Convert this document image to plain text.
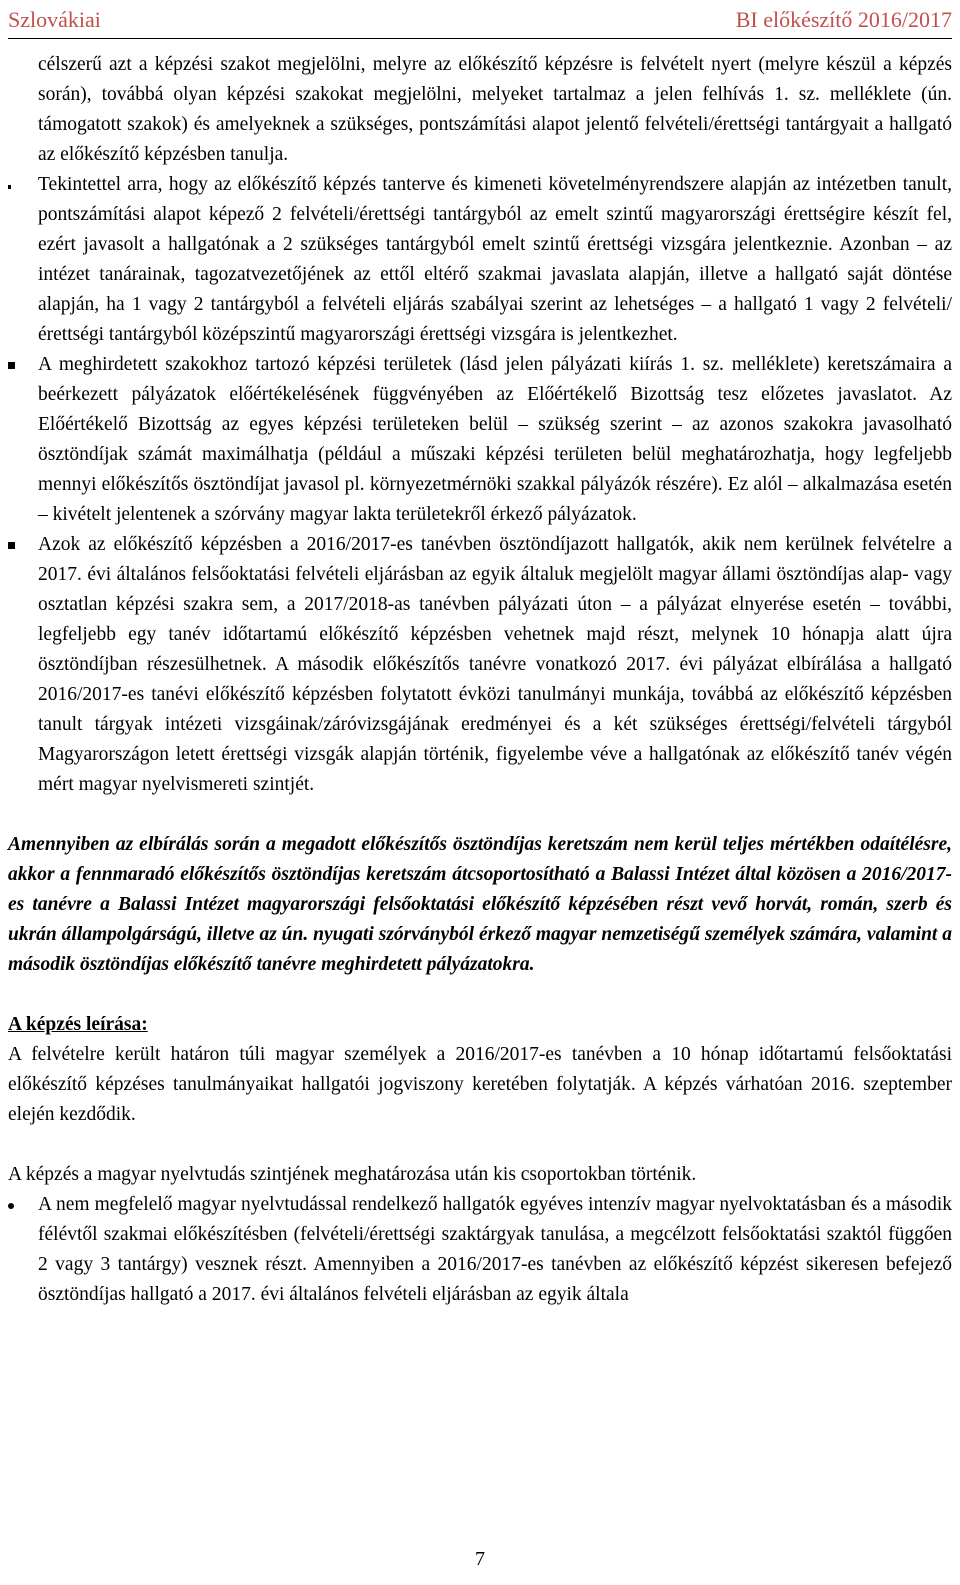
Szlovákiai	BI előkészítő 2016/2017

célszerű azt a képzési szakot megjelölni, melyre az előkészítő képzésre is felvételt nyert (melyre készül a képzés során), továbbá olyan képzési szakokat megjelölni, melyeket tartalmaz a jelen felhívás 1. sz. melléklete (ún. támogatott szakok) és amelyeknek a szükséges, pontszámítási alapot jelentő felvételi/érettségi tantárgyait a hallgató az előkészítő képzésben tanulja.

Tekintettel arra, hogy az előkészítő képzés tanterve és kimeneti követelményrendszere alapján az intézetben tanult, pontszámítási alapot képező 2 felvételi/érettségi tantárgyból az emelt szintű magyarországi érettségire készít fel, ezért javasolt a hallgatónak a 2 szükséges tantárgyból emelt szintű érettségi vizsgára jelentkeznie. Azonban – az intézet tanárainak, tagozatvezetőjének az ettől eltérő szakmai javaslata alapján, illetve a hallgató saját döntése alapján, ha 1 vagy 2 tantárgyból a felvételi eljárás szabályai szerint az lehetséges – a hallgató 1 vagy 2 felvételi/érettségi tantárgyból középszintű magyarországi érettségi vizsgára is jelentkezhet.

A meghirdetett szakokhoz tartozó képzési területek (lásd jelen pályázati kiírás 1. sz. melléklete) keretszámaira a beérkezett pályázatok előértékelésének függvényében az Előértékelő Bizottság tesz előzetes javaslatot. Az Előértékelő Bizottság az egyes képzési területeken belül – szükség szerint – az azonos szakokra javasolható ösztöndíjak számát maximálhatja (például a műszaki képzési területen belül meghatározhatja, hogy legfeljebb mennyi előkészítős ösztöndíjat javasol pl. környezetmérnöki szakkal pályázók részére). Ez alól – alkalmazása esetén – kivételt jelentenek a szórvány magyar lakta területekről érkező pályázatok.

Azok az előkészítő képzésben a 2016/2017-es tanévben ösztöndíjazott hallgatók, akik nem kerülnek felvételre a 2017. évi általános felsőoktatási felvételi eljárásban az egyik általuk megjelölt magyar állami ösztöndíjas alap- vagy osztatlan képzési szakra sem, a 2017/2018-as tanévben pályázati úton – a pályázat elnyerése esetén – további, legfeljebb egy tanév időtartamú előkészítő képzésben vehetnek majd részt, melynek 10 hónapja alatt újra ösztöndíjban részesülhetnek. A második előkészítős tanévre vonatkozó 2017. évi pályázat elbírálása a hallgató 2016/2017-es tanévi előkészítő képzésben folytatott évközi tanulmányi munkája, továbbá az előkészítő képzésben tanult tárgyak intézeti vizsgáinak/záróvizsgájának eredményei és a két szükséges érettségi/felvételi tárgyból Magyarországon letett érettségi vizsgák alapján történik, figyelembe véve a hallgatónak az előkészítő tanév végén mért magyar nyelvismereti szintjét.

Amennyiben az elbírálás során a megadott előkészítős ösztöndíjas keretszám nem kerül teljes mértékben odaítélésre, akkor a fennmaradó előkészítős ösztöndíjas keretszám átcsoportosítható a Balassi Intézet által közösen a 2016/2017-es tanévre a Balassi Intézet magyarországi felsőoktatási előkészítő képzésében részt vevő horvát, román, szerb és ukrán állampolgárságú, illetve az ún. nyugati szórványból érkező magyar nemzetiségű személyek számára, valamint a második ösztöndíjas előkészítő tanévre meghirdetett pályázatokra.

A képzés leírása:

A felvételre került határon túli magyar személyek a 2016/2017-es tanévben a 10 hónap időtartamú felsőoktatási előkészítő képzéses tanulmányaikat hallgatói jogviszony keretében folytatják. A képzés várhatóan 2016. szeptember elején kezdődik.

A képzés a magyar nyelvtudás szintjének meghatározása után kis csoportokban történik.

A nem megfelelő magyar nyelvtudással rendelkező hallgatók egyéves intenzív magyar nyelvoktatásban és a második félévtől szakmai előkészítésben (felvételi/érettségi szaktárgyak tanulása, a megcélzott felsőoktatási szaktól függően 2 vagy 3 tantárgy) vesznek részt. Amennyiben a 2016/2017-es tanévben az előkészítő képzést sikeresen befejező ösztöndíjas hallgató a 2017. évi általános felvételi eljárásban az egyik általa

7
